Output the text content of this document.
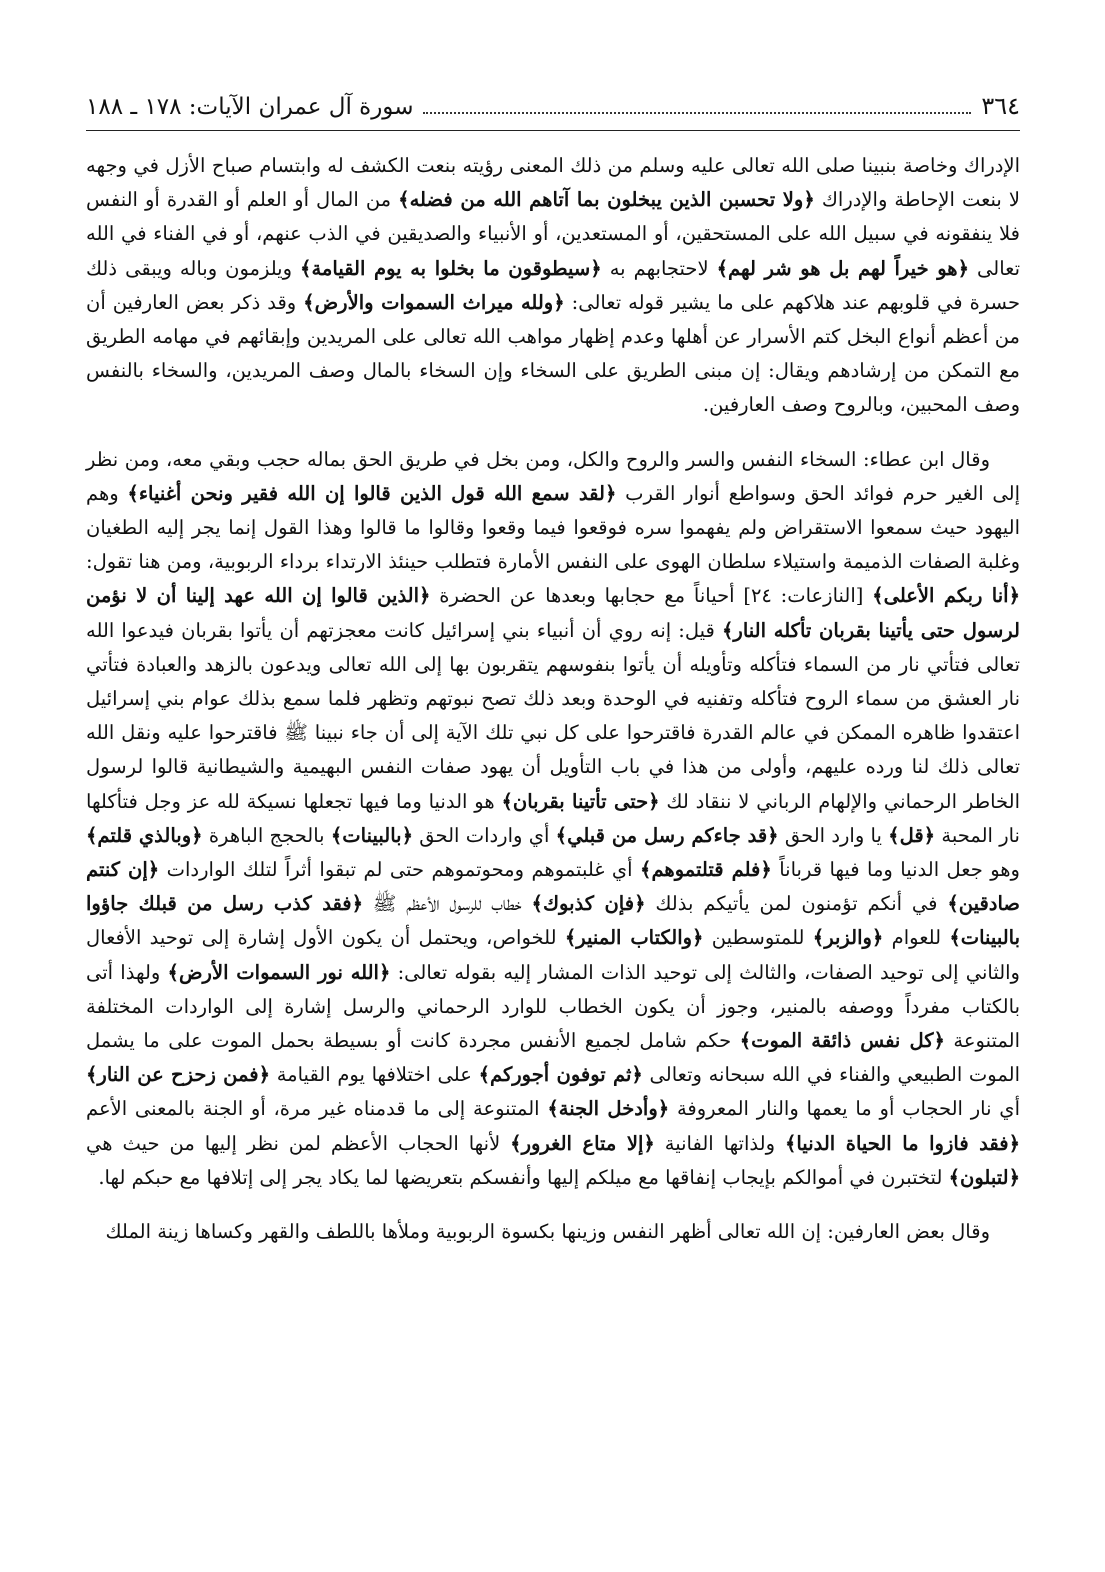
٣٦٤
سورة آل عمران الآيات: ١٧٨ ـ ١٨٨

الإدراك وخاصة بنبينا صلى الله تعالى عليه وسلم من ذلك المعنى رؤيته بنعت الكشف له وابتسام صباح الأزل في وجهه لا بنعت الإحاطة والإدراك ﴿ولا تحسبن الذين يبخلون بما آتاهم الله من فضله﴾ من المال أو العلم أو القدرة أو النفس فلا ينفقونه في سبيل الله على المستحقين، أو المستعدين، أو الأنبياء والصديقين في الذب عنهم، أو في الفناء في الله تعالى ﴿هو خيراً لهم بل هو شر لهم﴾ لاحتجابهم به ﴿سيطوقون ما بخلوا به يوم القيامة﴾ ويلزمون وباله ويبقى ذلك حسرة في قلوبهم عند هلاكهم على ما يشير قوله تعالى: ﴿ولله ميراث السموات والأرض﴾ وقد ذكر بعض العارفين أن من أعظم أنواع البخل كتم الأسرار عن أهلها وعدم إظهار مواهب الله تعالى على المريدين وإبقائهم في مهامه الطريق مع التمكن من إرشادهم ويقال: إن مبنى الطريق على السخاء وإن السخاء بالمال وصف المريدين، والسخاء بالنفس وصف المحبين، وبالروح وصف العارفين.

وقال ابن عطاء: السخاء النفس والسر والروح والكل، ومن بخل في طريق الحق بماله حجب وبقي معه، ومن نظر إلى الغير حرم فوائد الحق وسواطع أنوار القرب ﴿لقد سمع الله قول الذين قالوا إن الله فقير ونحن أغنياء﴾ وهم اليهود حيث سمعوا الاستقراض ولم يفهموا سره فوقعوا فيما وقعوا وقالوا ما قالوا وهذا القول إنما يجر إليه الطغيان وغلبة الصفات الذميمة واستيلاء سلطان الهوى على النفس الأمارة فتطلب حينئذ الارتداء برداء الربوبية، ومن هنا تقول: ﴿أنا ربكم الأعلى﴾ [النازعات: ٢٤] أحياناً مع حجابها وبعدها عن الحضرة ﴿الذين قالوا إن الله عهد إلينا أن لا نؤمن لرسول حتى يأتينا بقربان تأكله النار﴾ قيل: إنه روي أن أنبياء بني إسرائيل كانت معجزتهم أن يأتوا بقربان فيدعوا الله تعالى فتأتي نار من السماء فتأكله وتأويله أن يأتوا بنفوسهم يتقربون بها إلى الله تعالى ويدعون بالزهد والعبادة فتأتي نار العشق من سماء الروح فتأكله وتفنيه في الوحدة وبعد ذلك تصح نبوتهم وتظهر فلما سمع بذلك عوام بني إسرائيل اعتقدوا ظاهره الممكن في عالم القدرة فاقترحوا على كل نبي تلك الآية إلى أن جاء نبينا ﷺ فاقترحوا عليه ونقل الله تعالى ذلك لنا ورده عليهم، وأولى من هذا في باب التأويل أن يهود صفات النفس البهيمية والشيطانية قالوا لرسول الخاطر الرحماني والإلهام الرباني لا ننقاد لك ﴿حتى تأتينا بقربان﴾ هو الدنيا وما فيها تجعلها نسيكة لله عز وجل فتأكلها نار المحبة ﴿قل﴾ يا وارد الحق ﴿قد جاءكم رسل من قبلي﴾ أي واردات الحق ﴿بالبينات﴾ بالحجج الباهرة ﴿وبالذي قلتم﴾ وهو جعل الدنيا وما فيها قرباناً ﴿فلم قتلتموهم﴾ أي غلبتموهم ومحوتموهم حتى لم تبقوا أثراً لتلك الواردات ﴿إن كنتم صادقين﴾ في أنكم تؤمنون لمن يأتيكم بذلك ﴿فإن كذبوك﴾ خطاب للرسول الأعظم ﷺ ﴿فقد كذب رسل من قبلك جاؤوا بالبينات﴾ للعوام ﴿والزبر﴾ للمتوسطين ﴿والكتاب المنير﴾ للخواص، ويحتمل أن يكون الأول إشارة إلى توحيد الأفعال والثاني إلى توحيد الصفات، والثالث إلى توحيد الذات المشار إليه بقوله تعالى: ﴿الله نور السموات الأرض﴾ ولهذا أتى بالكتاب مفرداً ووصفه بالمنير، وجوز أن يكون الخطاب للوارد الرحماني والرسل إشارة إلى الواردات المختلفة المتنوعة ﴿كل نفس ذائقة الموت﴾ حكم شامل لجميع الأنفس مجردة كانت أو بسيطة بحمل الموت على ما يشمل الموت الطبيعي والفناء في الله سبحانه وتعالى ﴿ثم توفون أجوركم﴾ على اختلافها يوم القيامة ﴿فمن زحزح عن النار﴾ أي نار الحجاب أو ما يعمها والنار المعروفة ﴿وأدخل الجنة﴾ المتنوعة إلى ما قدمناه غير مرة، أو الجنة بالمعنى الأعم ﴿فقد فازوا ما الحياة الدنيا﴾ ولذاتها الفانية ﴿إلا متاع الغرور﴾ لأنها الحجاب الأعظم لمن نظر إليها من حيث هي ﴿لتبلون﴾ لتختبرن في أموالكم بإيجاب إنفاقها مع ميلكم إليها وأنفسكم بتعريضها لما يكاد يجر إلى إتلافها مع حبكم لها.

وقال بعض العارفين: إن الله تعالى أظهر النفس وزينها بكسوة الربوبية وملأها باللطف والقهر وكساها زينة الملك
